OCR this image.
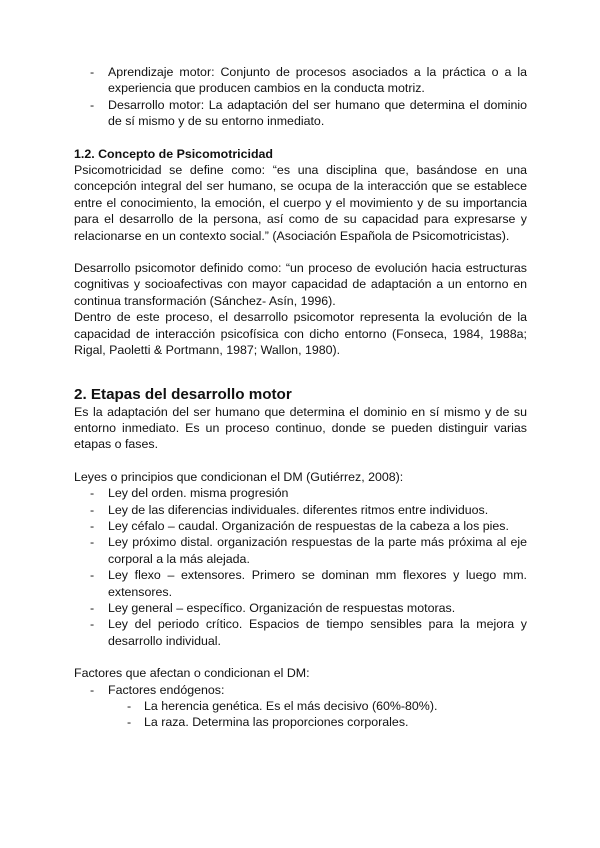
- Aprendizaje motor: Conjunto de procesos asociados a la práctica o a la experiencia que producen cambios en la conducta motriz.
- Desarrollo motor: La adaptación del ser humano que determina el dominio de sí mismo y de su entorno inmediato.

1.2. Concepto de Psicomotricidad

Psicomotricidad se define como: “es una disciplina que, basándose en una concepción integral del ser humano, se ocupa de la interacción que se establece entre el conocimiento, la emoción, el cuerpo y el movimiento y de su importancia para el desarrollo de la persona, así como de su capacidad para expresarse y relacionarse en un contexto social.” (Asociación Española de Psicomotricistas).

Desarrollo psicomotor definido como: “un proceso de evolución hacia estructuras cognitivas y socioafectivas con mayor capacidad de adaptación a un entorno en continua transformación (Sánchez- Asín, 1996).

Dentro de este proceso, el desarrollo psicomotor representa la evolución de la capacidad de interacción psicofísica con dicho entorno (Fonseca, 1984, 1988a; Rigal, Paoletti & Portmann, 1987; Wallon, 1980).

2. Etapas del desarrollo motor

Es la adaptación del ser humano que determina el dominio en sí mismo y de su entorno inmediato. Es un proceso continuo, donde se pueden distinguir varias etapas o fases.

Leyes o principios que condicionan el DM (Gutiérrez, 2008):

- Ley del orden. misma progresión
- Ley de las diferencias individuales. diferentes ritmos entre individuos.
- Ley céfalo – caudal. Organización de respuestas de la cabeza a los pies.
- Ley próximo distal. organización respuestas de la parte más próxima al eje corporal a la más alejada.
- Ley flexo – extensores. Primero se dominan mm flexores y luego mm. extensores.
- Ley general – específico. Organización de respuestas motoras.
- Ley del periodo crítico. Espacios de tiempo sensibles para la mejora y desarrollo individual.

Factores que afectan o condicionan el DM:

- Factores endógenos:
- La herencia genética. Es el más decisivo (60%-80%).
- La raza. Determina las proporciones corporales.
